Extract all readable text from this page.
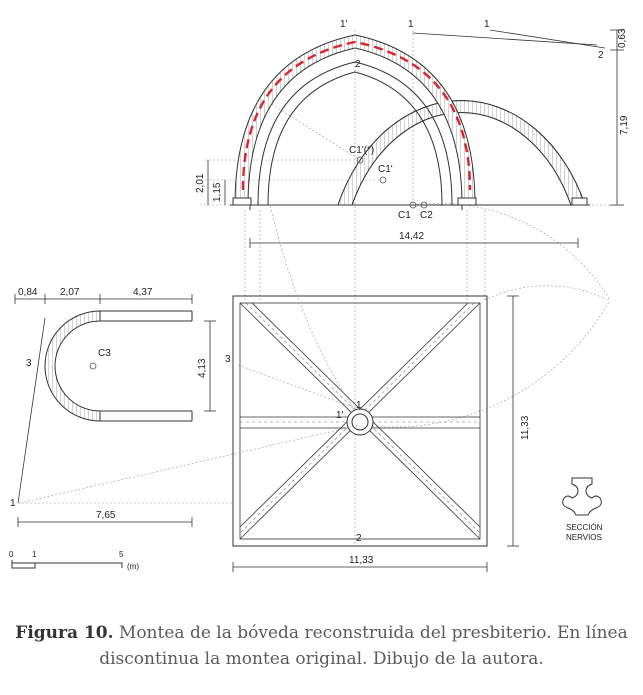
1'	1	1
2
2
C1'(*)
C1'
C1 C2
0,63
7,19
2,01 1,15
14,42
3
1
1'
2
11,33
11,33
C3
3
1
0,84 2,07	4,37
4,13
7,65
SECCIÓN
NERVIOS
0 1	5
(m)
Figura 10. Montea de la bóveda reconstruida del presbiterio. En línea discontinua la montea original. Dibujo de la autora.
